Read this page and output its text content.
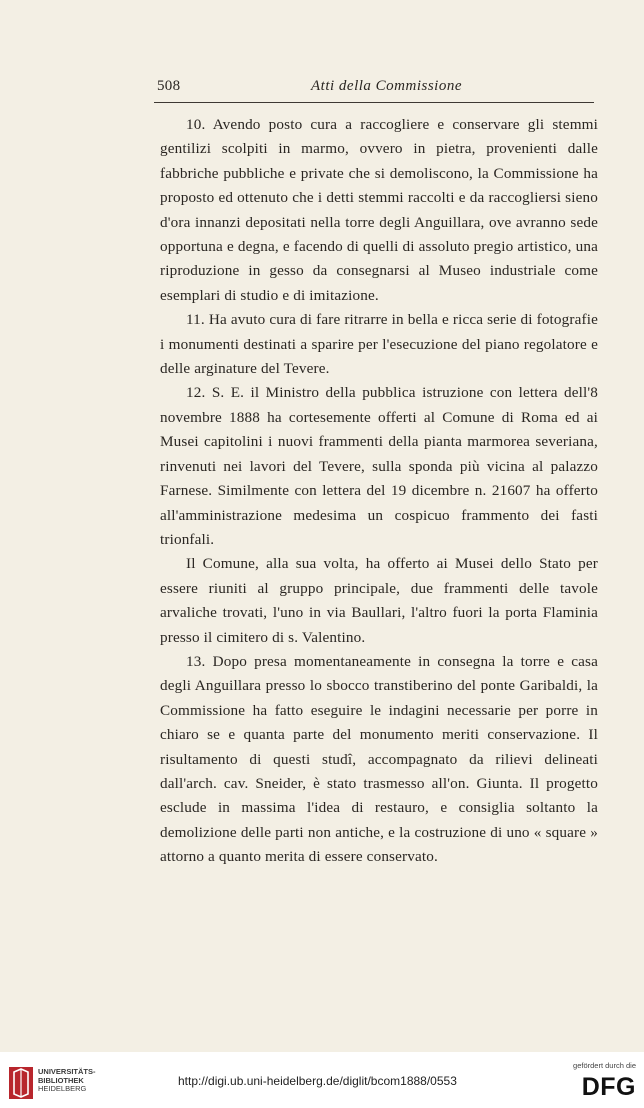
508	Atti della Commissione

10. Avendo posto cura a raccogliere e conservare gli stemmi gentilizi scolpiti in marmo, ovvero in pietra, provenienti dalle fabbriche pubbliche e private che si demoliscono, la Commissione ha proposto ed ottenuto che i detti stemmi raccolti e da raccogliersi sieno d'ora innanzi depositati nella torre degli Anguillara, ove avranno sede opportuna e degna, e facendo di quelli di assoluto pregio artistico, una riproduzione in gesso da consegnarsi al Museo industriale come esemplari di studio e di imitazione.

11. Ha avuto cura di fare ritrarre in bella e ricca serie di fotografie i monumenti destinati a sparire per l'esecuzione del piano regolatore e delle arginature del Tevere.

12. S. E. il Ministro della pubblica istruzione con lettera dell'8 novembre 1888 ha cortesemente offerti al Comune di Roma ed ai Musei capitolini i nuovi frammenti della pianta marmorea severiana, rinvenuti nei lavori del Tevere, sulla sponda più vicina al palazzo Farnese. Similmente con lettera del 19 dicembre n. 21607 ha offerto all'amministrazione medesima un cospicuo frammento dei fasti trionfali.

Il Comune, alla sua volta, ha offerto ai Musei dello Stato per essere riuniti al gruppo principale, due frammenti delle tavole arvaliche trovati, l'uno in via Baullari, l'altro fuori la porta Flaminia presso il cimitero di s. Valentino.

13. Dopo presa momentaneamente in consegna la torre e casa degli Anguillara presso lo sbocco transtiberino del ponte Garibaldi, la Commissione ha fatto eseguire le indagini necessarie per porre in chiaro se e quanta parte del monumento meriti conservazione. Il risultamento di questi studî, accompagnato da rilievi delineati dall'arch. cav. Sneider, è stato trasmesso all'on. Giunta. Il progetto esclude in massima l'idea di restauro, e consiglia soltanto la demolizione delle parti non antiche, e la costruzione di uno « square » attorno a quanto merita di essere conservato.

UNIVERSITÄTS-
BIBLIOTHEK
HEIDELBERG
http://digi.ub.uni-heidelberg.de/diglit/bcom1888/0553
gefördert durch die
DFG
